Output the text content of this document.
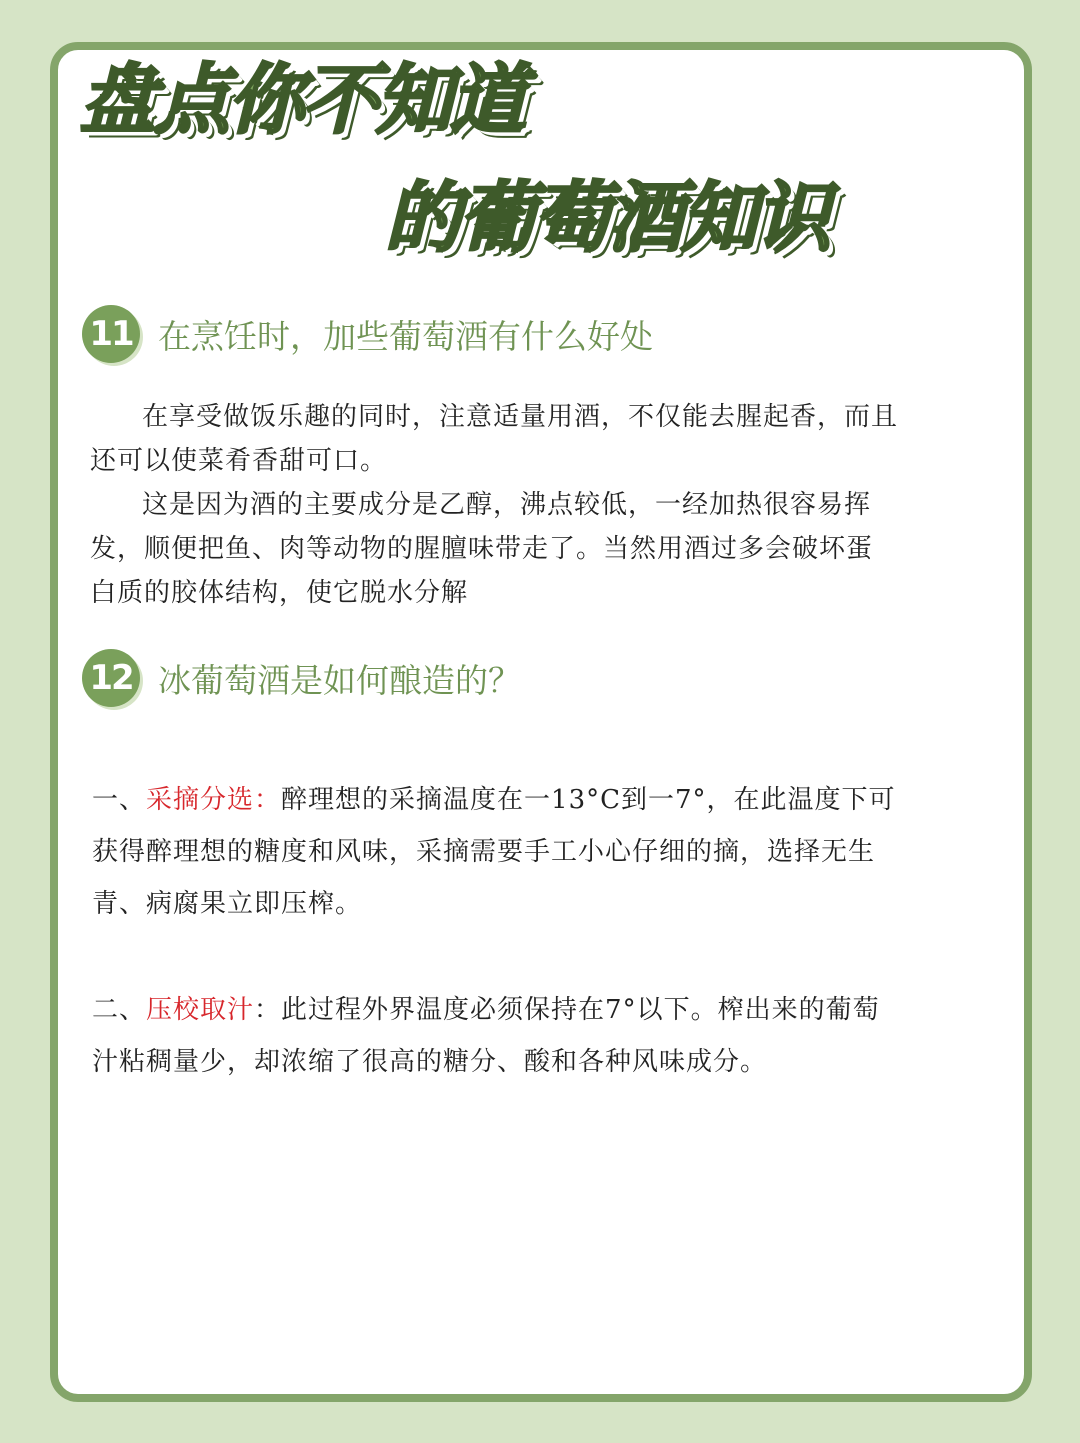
盘点你不知道
的葡萄酒知识
11 在烹饪时，加些葡萄酒有什么好处

在享受做饭乐趣的同时，注意适量用酒，不仅能去腥起香，而且还可以使菜肴香甜可口。

这是因为酒的主要成分是乙醇，沸点较低，一经加热很容易挥发，顺便把鱼、肉等动物的腥膻味带走了。当然用酒过多会破坏蛋白质的胶体结构，使它脱水分解

12 冰葡萄酒是如何酿造的？

一、采摘分选：醉理想的采摘温度在一13°C到一7°，在此温度下可获得醉理想的糖度和风味，采摘需要手工小心仔细的摘，选择无生青、病腐果立即压榨。

二、压校取汁：此过程外界温度必须保持在7°以下。榨出来的葡萄汁粘稠量少，却浓缩了很高的糖分、酸和各种风味成分。
